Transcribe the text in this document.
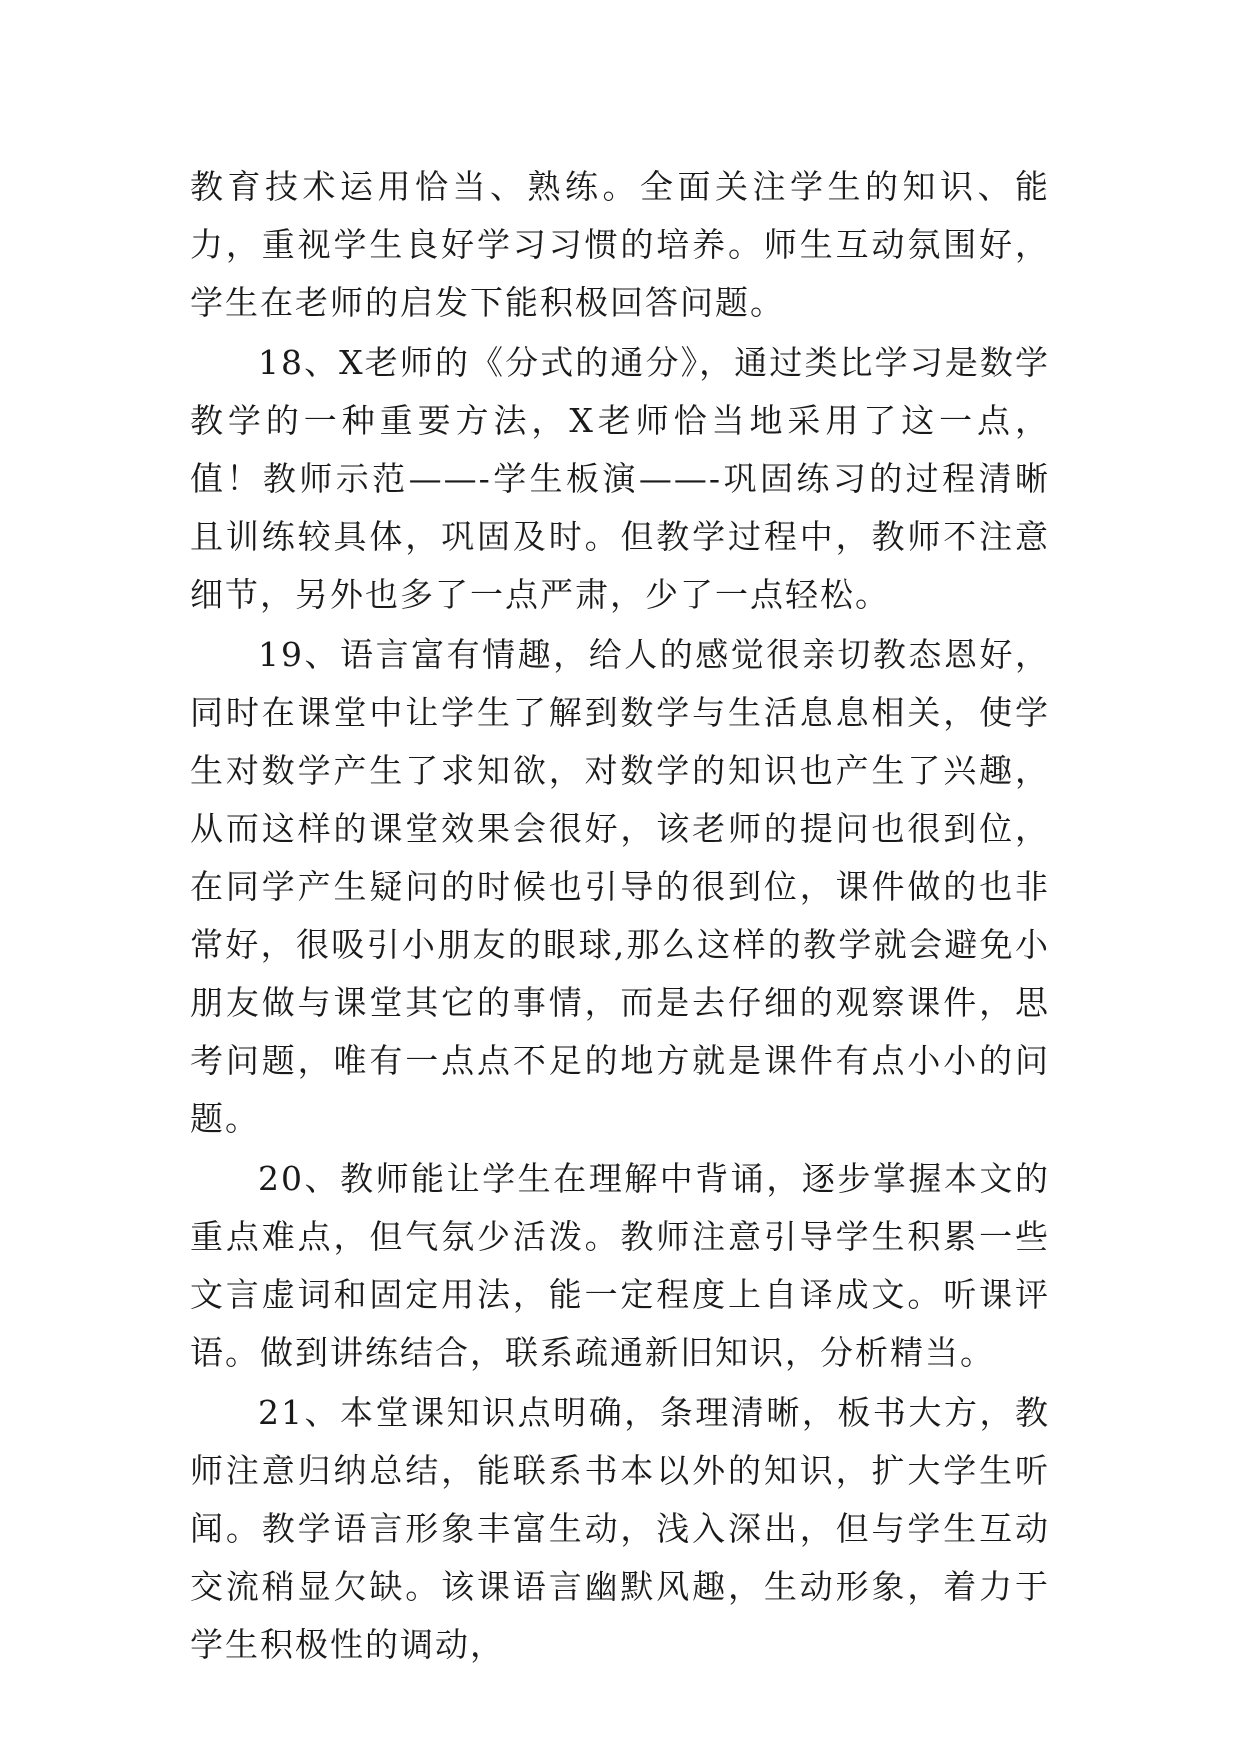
教育技术运用恰当、熟练。全面关注学生的知识、能力，重视学生良好学习习惯的培养。师生互动氛围好，学生在老师的启发下能积极回答问题。

18、X老师的《分式的通分》，通过类比学习是数学教学的一种重要方法，X老师恰当地采用了这一点，值！教师示范——-学生板演——-巩固练习的过程清晰且训练较具体，巩固及时。但教学过程中，教师不注意细节，另外也多了一点严肃，少了一点轻松。

19、语言富有情趣，给人的感觉很亲切教态恩好，同时在课堂中让学生了解到数学与生活息息相关，使学生对数学产生了求知欲，对数学的知识也产生了兴趣，从而这样的课堂效果会很好，该老师的提问也很到位，在同学产生疑问的时候也引导的很到位，课件做的也非常好，很吸引小朋友的眼球,那么这样的教学就会避免小朋友做与课堂其它的事情，而是去仔细的观察课件，思考问题，唯有一点点不足的地方就是课件有点小小的问题。

20、教师能让学生在理解中背诵，逐步掌握本文的重点难点，但气氛少活泼。教师注意引导学生积累一些文言虚词和固定用法，能一定程度上自译成文。听课评语。做到讲练结合，联系疏通新旧知识，分析精当。

21、本堂课知识点明确，条理清晰，板书大方，教师注意归纳总结，能联系书本以外的知识，扩大学生听闻。教学语言形象丰富生动，浅入深出，但与学生互动交流稍显欠缺。该课语言幽默风趣，生动形象，着力于学生积极性的调动，
